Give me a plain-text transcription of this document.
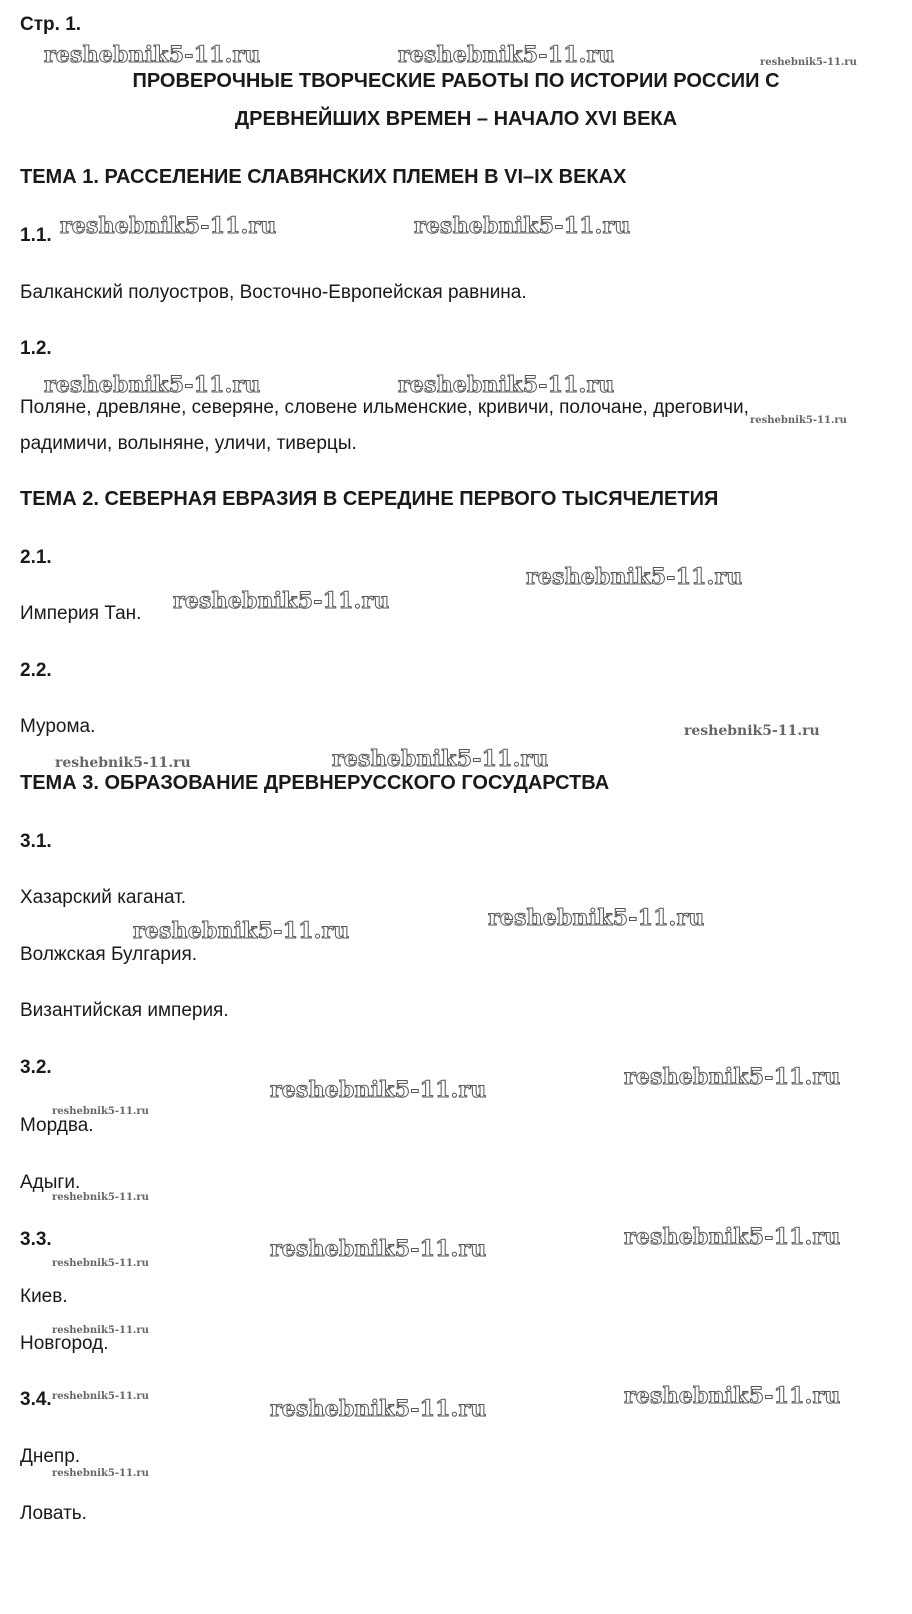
Стр. 1.
ПРОВЕРОЧНЫЕ ТВОРЧЕСКИЕ РАБОТЫ ПО ИСТОРИИ РОССИИ С
ДРЕВНЕЙШИХ ВРЕМЕН – НАЧАЛО XVI ВЕКА
ТЕМА 1. РАССЕЛЕНИЕ СЛАВЯНСКИХ ПЛЕМЕН В VI–IX ВЕКАХ
1.1.
Балканский полуостров, Восточно-Европейская равнина.
1.2.
Поляне, древляне, северяне, словене ильменские, кривичи, полочане, дреговичи,
радимичи, волыняне, уличи, тиверцы.
ТЕМА 2. СЕВЕРНАЯ ЕВРАЗИЯ В СЕРЕДИНЕ ПЕРВОГО ТЫСЯЧЕЛЕТИЯ
2.1.
Империя Тан.
2.2.
Мурома.
ТЕМА 3. ОБРАЗОВАНИЕ ДРЕВНЕРУССКОГО ГОСУДАРСТВА
3.1.
Хазарский каганат.
Волжская Булгария.
Византийская империя.
3.2.
Мордва.
Адыги.
3.3.
Киев.
Новгород.
3.4.
Днепр.
Ловать.
reshebnik5-11.ru	reshebnik5-11.ru
reshebnik5-11.ru	reshebnik5-11.ru
reshebnik5-11.ru	reshebnik5-11.ru
reshebnik5-11.ru
reshebnik5-11.ru
reshebnik5-11.ru
reshebnik5-11.ru
reshebnik5-11.ru
reshebnik5-11.ru
reshebnik5-11.ru
reshebnik5-11.ru
reshebnik5-11.ru
reshebnik5-11.ru
reshebnik5-11.ru
reshebnik5-11.ru
reshebnik5-11.ru
reshebnik5-11.ru
reshebnik5-11.ru
reshebnik5-11.ru
reshebnik5-11.ru
reshebnik5-11.ru
reshebnik5-11.ru
reshebnik5-11.ru
reshebnik5-11.ru
